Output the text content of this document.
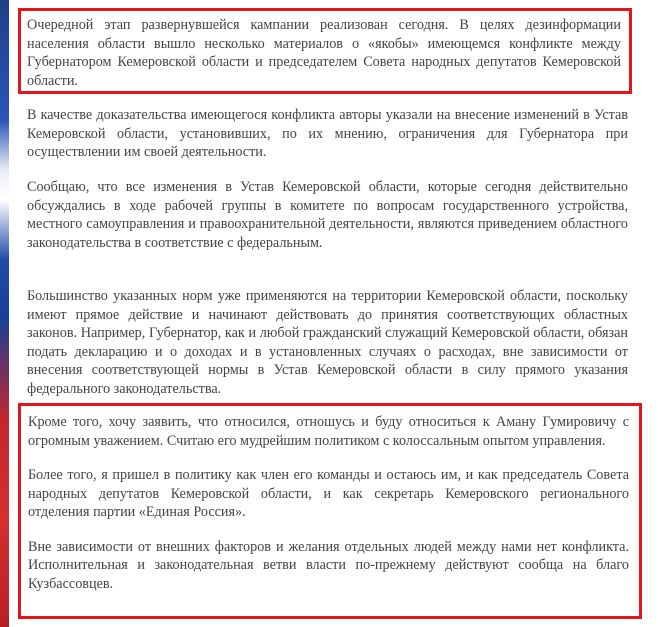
Очередной этап развернувшейся кампании реализован сегодня. В целях дезинформации населения области вышло несколько материалов о «якобы» имеющемся конфликте между Губернатором Кемеровской области и председателем Совета народных депутатов Кемеровской области.

В качестве доказательства имеющегося конфликта авторы указали на внесение изменений в Устав Кемеровской области, установивших, по их мнению, ограничения для Губернатора при осуществлении им своей деятельности.

Сообщаю, что все изменения в Устав Кемеровской области, которые сегодня действительно обсуждались в ходе рабочей группы в комитете по вопросам государственного устройства, местного самоуправления и правоохранительной деятельности, являются приведением областного законодательства в соответствие с федеральным.

Большинство указанных норм уже применяются на территории Кемеровской области, поскольку имеют прямое действие и начинают действовать до принятия соответствующих областных законов. Например, Губернатор, как и любой гражданский служащий Кемеровской области, обязан подать декларацию и о доходах и в установленных случаях о расходах, вне зависимости от внесения соответствующей нормы в Устав Кемеровской области в силу прямого указания федерального законодательства.

Кроме того, хочу заявить, что относился, отношусь и буду относиться к Аману Гумировичу с огромным уважением. Считаю его мудрейшим политиком с колоссальным опытом управления.

Более того, я пришел в политику как член его команды и остаюсь им, и как председатель Совета народных депутатов Кемеровской области, и как секретарь Кемеровского регионального отделения партии «Единая Россия».

Вне зависимости от внешних факторов и желания отдельных людей между нами нет конфликта. Исполнительная и законодательная ветви власти по-прежнему действуют сообща на благо Кузбассовцев.
